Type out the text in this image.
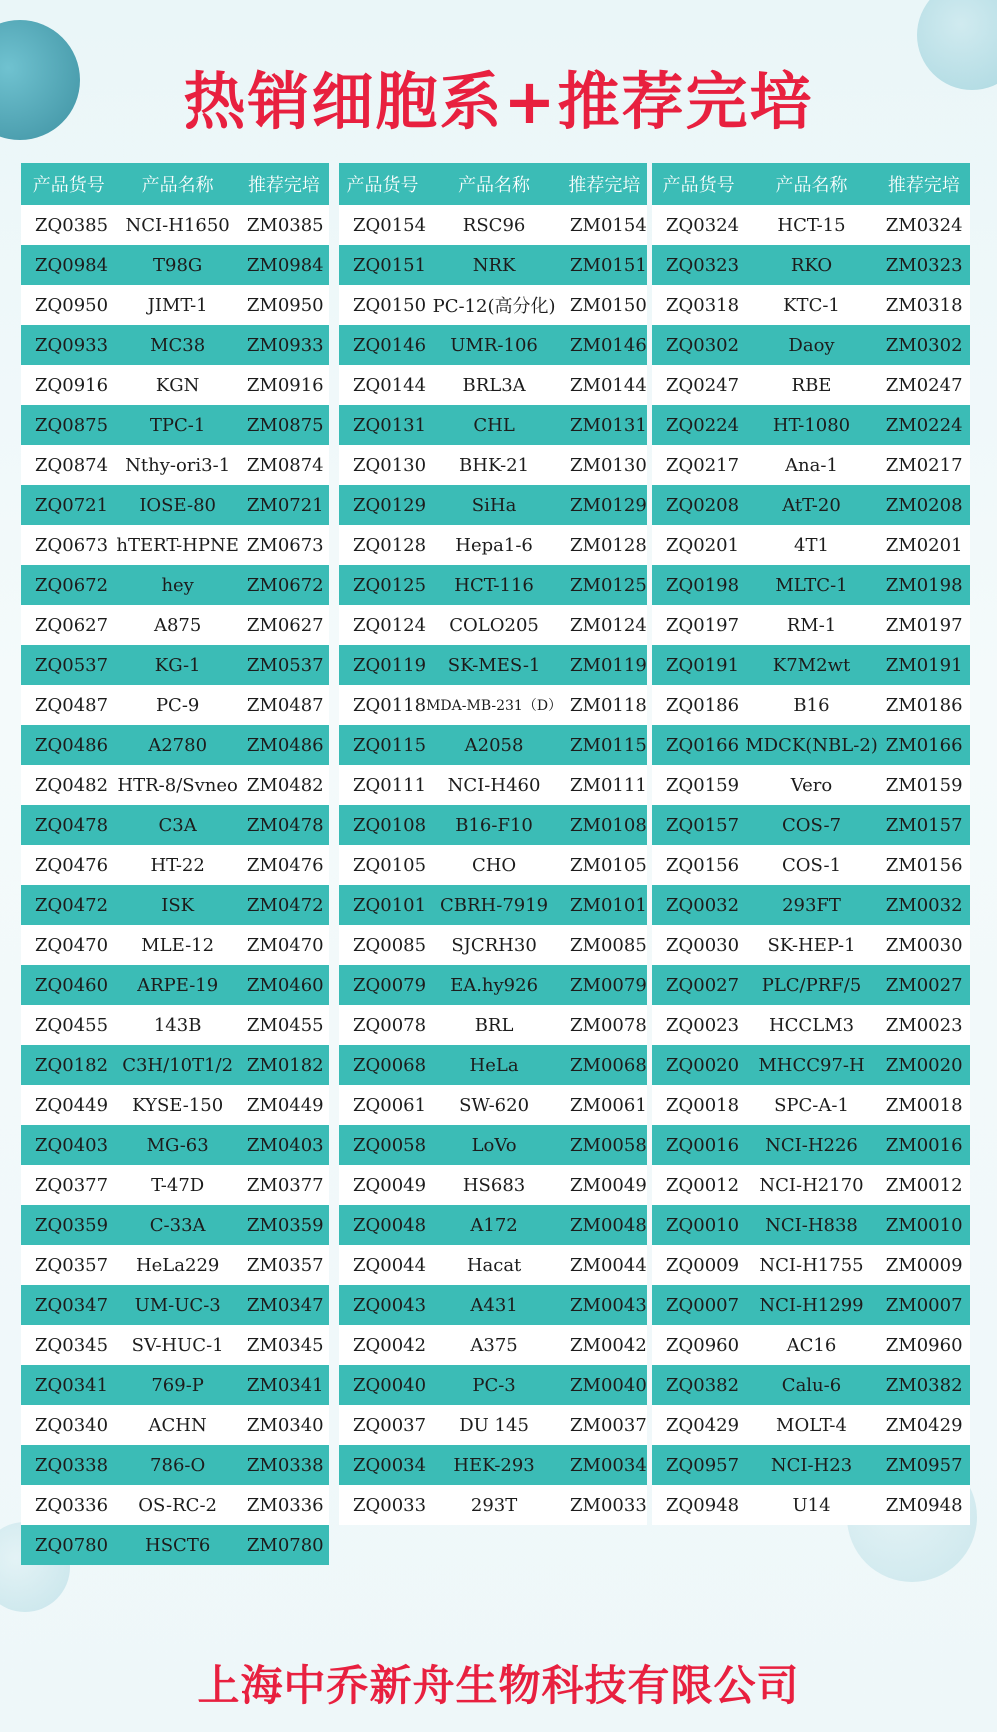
热销细胞系+推荐完培
产品货号	产品名称	推荐完培
ZQ0385	NCI-H1650	ZM0385
ZQ0984	T98G	ZM0984
ZQ0950	JIMT-1	ZM0950
ZQ0933	MC38	ZM0933
ZQ0916	KGN	ZM0916
ZQ0875	TPC-1	ZM0875
ZQ0874	Nthy-ori3-1	ZM0874
ZQ0721	IOSE-80	ZM0721
ZQ0673	hTERT-HPNE	ZM0673
ZQ0672	hey	ZM0672
ZQ0627	A875	ZM0627
ZQ0537	KG-1	ZM0537
ZQ0487	PC-9	ZM0487
ZQ0486	A2780	ZM0486
ZQ0482	HTR-8/Svneo	ZM0482
ZQ0478	C3A	ZM0478
ZQ0476	HT-22	ZM0476
ZQ0472	ISK	ZM0472
ZQ0470	MLE-12	ZM0470
ZQ0460	ARPE-19	ZM0460
ZQ0455	143B	ZM0455
ZQ0182	C3H/10T1/2	ZM0182
ZQ0449	KYSE-150	ZM0449
ZQ0403	MG-63	ZM0403
ZQ0377	T-47D	ZM0377
ZQ0359	C-33A	ZM0359
ZQ0357	HeLa229	ZM0357
ZQ0347	UM-UC-3	ZM0347
ZQ0345	SV-HUC-1	ZM0345
ZQ0341	769-P	ZM0341
ZQ0340	ACHN	ZM0340
ZQ0338	786-O	ZM0338
ZQ0336	OS-RC-2	ZM0336
ZQ0780	HSCT6	ZM0780
产品货号	产品名称	推荐完培
ZQ0154	RSC96	ZM0154
ZQ0151	NRK	ZM0151
ZQ0150	PC-12(高分化)	ZM0150
ZQ0146	UMR-106	ZM0146
ZQ0144	BRL3A	ZM0144
ZQ0131	CHL	ZM0131
ZQ0130	BHK-21	ZM0130
ZQ0129	SiHa	ZM0129
ZQ0128	Hepa1-6	ZM0128
ZQ0125	HCT-116	ZM0125
ZQ0124	COLO205	ZM0124
ZQ0119	SK-MES-1	ZM0119
ZQ0118	MDA-MB-231（D）	ZM0118
ZQ0115	A2058	ZM0115
ZQ0111	NCI-H460	ZM0111
ZQ0108	B16-F10	ZM0108
ZQ0105	CHO	ZM0105
ZQ0101	CBRH-7919	ZM0101
ZQ0085	SJCRH30	ZM0085
ZQ0079	EA.hy926	ZM0079
ZQ0078	BRL	ZM0078
ZQ0068	HeLa	ZM0068
ZQ0061	SW-620	ZM0061
ZQ0058	LoVo	ZM0058
ZQ0049	HS683	ZM0049
ZQ0048	A172	ZM0048
ZQ0044	Hacat	ZM0044
ZQ0043	A431	ZM0043
ZQ0042	A375	ZM0042
ZQ0040	PC-3	ZM0040
ZQ0037	DU 145	ZM0037
ZQ0034	HEK-293	ZM0034
ZQ0033	293T	ZM0033
产品货号	产品名称	推荐完培
ZQ0324	HCT-15	ZM0324
ZQ0323	RKO	ZM0323
ZQ0318	KTC-1	ZM0318
ZQ0302	Daoy	ZM0302
ZQ0247	RBE	ZM0247
ZQ0224	HT-1080	ZM0224
ZQ0217	Ana-1	ZM0217
ZQ0208	AtT-20	ZM0208
ZQ0201	4T1	ZM0201
ZQ0198	MLTC-1	ZM0198
ZQ0197	RM-1	ZM0197
ZQ0191	K7M2wt	ZM0191
ZQ0186	B16	ZM0186
ZQ0166	MDCK(NBL-2)	ZM0166
ZQ0159	Vero	ZM0159
ZQ0157	COS-7	ZM0157
ZQ0156	COS-1	ZM0156
ZQ0032	293FT	ZM0032
ZQ0030	SK-HEP-1	ZM0030
ZQ0027	PLC/PRF/5	ZM0027
ZQ0023	HCCLM3	ZM0023
ZQ0020	MHCC97-H	ZM0020
ZQ0018	SPC-A-1	ZM0018
ZQ0016	NCI-H226	ZM0016
ZQ0012	NCI-H2170	ZM0012
ZQ0010	NCI-H838	ZM0010
ZQ0009	NCI-H1755	ZM0009
ZQ0007	NCI-H1299	ZM0007
ZQ0960	AC16	ZM0960
ZQ0382	Calu-6	ZM0382
ZQ0429	MOLT-4	ZM0429
ZQ0957	NCI-H23	ZM0957
ZQ0948	U14	ZM0948
上海中乔新舟生物科技有限公司
